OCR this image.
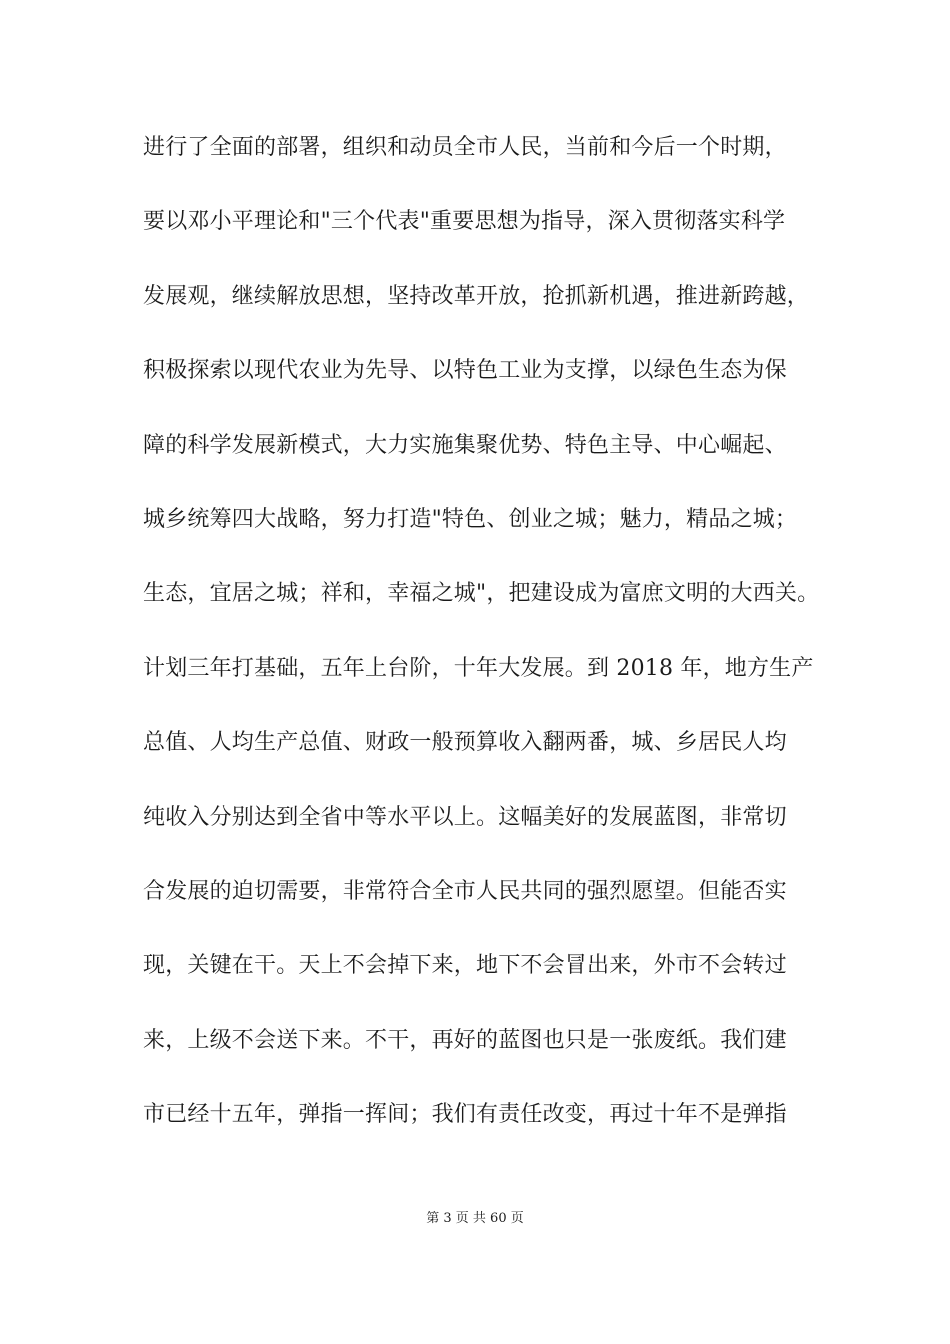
进行了全面的部署，组织和动员全市人民，当前和今后一个时期，
要以邓小平理论和"三个代表"重要思想为指导，深入贯彻落实科学
发展观，继续解放思想，坚持改革开放，抢抓新机遇，推进新跨越，
积极探索以现代农业为先导、以特色工业为支撑，以绿色生态为保
障的科学发展新模式，大力实施集聚优势、特色主导、中心崛起、
城乡统筹四大战略，努力打造"特色、创业之城；魅力，精品之城；
生态，宜居之城；祥和，幸福之城"，把建设成为富庶文明的大西关。
计划三年打基础，五年上台阶，十年大发展。到 2018 年，地方生产
总值、人均生产总值、财政一般预算收入翻两番，城、乡居民人均
纯收入分别达到全省中等水平以上。这幅美好的发展蓝图，非常切
合发展的迫切需要，非常符合全市人民共同的强烈愿望。但能否实
现，关键在干。天上不会掉下来，地下不会冒出来，外市不会转过
来，上级不会送下来。不干，再好的蓝图也只是一张废纸。我们建
市已经十五年，弹指一挥间；我们有责任改变，再过十年不是弹指
第 3 页 共 60 页
